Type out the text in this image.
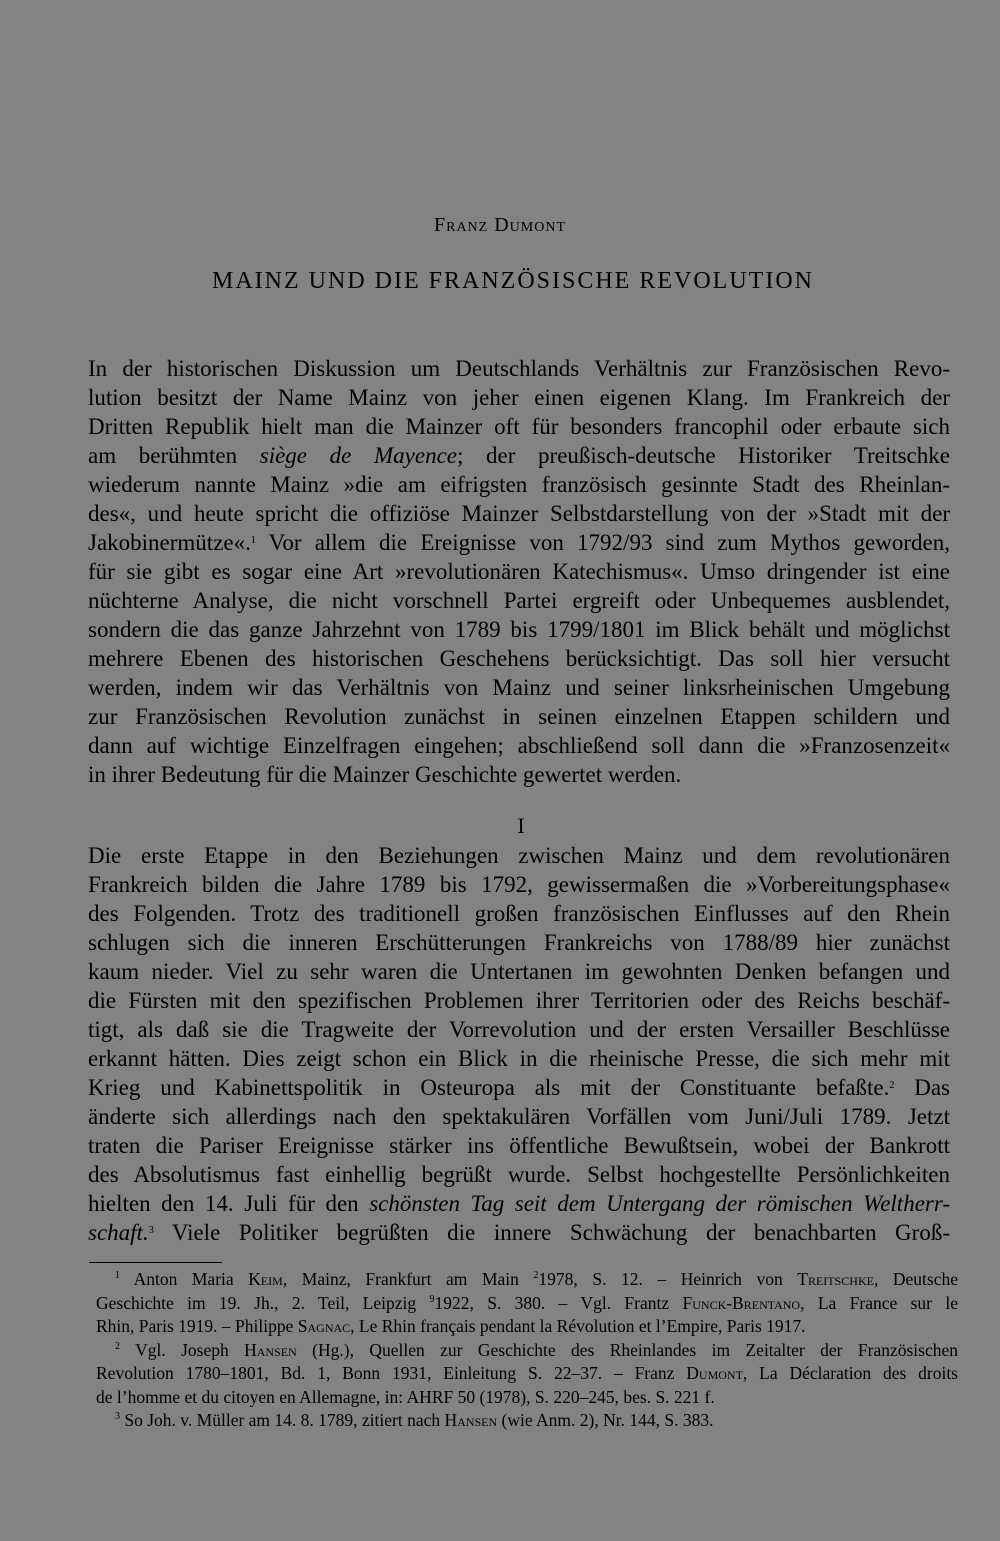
Franz Dumont
MAINZ UND DIE FRANZÖSISCHE REVOLUTION
In der historischen Diskussion um Deutschlands Verhältnis zur Französischen Revo-
lution besitzt der Name Mainz von jeher einen eigenen Klang. Im Frankreich der
Dritten Republik hielt man die Mainzer oft für besonders francophil oder erbaute sich
am berühmten siège de Mayence; der preußisch-deutsche Historiker Treitschke
wiederum nannte Mainz »die am eifrigsten französisch gesinnte Stadt des Rheinlan-
des«, und heute spricht die offiziöse Mainzer Selbstdarstellung von der »Stadt mit der
Jakobinermütze«.$^1$ Vor allem die Ereignisse von 1792/93 sind zum Mythos geworden,
für sie gibt es sogar eine Art »revolutionären Katechismus«. Umso dringender ist eine
nüchterne Analyse, die nicht vorschnell Partei ergreift oder Unbequemes ausblendet,
sondern die das ganze Jahrzehnt von 1789 bis 1799/1801 im Blick behält und möglichst
mehrere Ebenen des historischen Geschehens berücksichtigt. Das soll hier versucht
werden, indem wir das Verhältnis von Mainz und seiner linksrheinischen Umgebung
zur Französischen Revolution zunächst in seinen einzelnen Etappen schildern und
dann auf wichtige Einzelfragen eingehen; abschließend soll dann die »Franzosenzeit«
in ihrer Bedeutung für die Mainzer Geschichte gewertet werden.
I
Die erste Etappe in den Beziehungen zwischen Mainz und dem revolutionären
Frankreich bilden die Jahre 1789 bis 1792, gewissermaßen die »Vorbereitungsphase«
des Folgenden. Trotz des traditionell großen französischen Einflusses auf den Rhein
schlugen sich die inneren Erschütterungen Frankreichs von 1788/89 hier zunächst
kaum nieder. Viel zu sehr waren die Untertanen im gewohnten Denken befangen und
die Fürsten mit den spezifischen Problemen ihrer Territorien oder des Reichs beschäf-
tigt, als daß sie die Tragweite der Vorrevolution und der ersten Versailler Beschlüsse
erkannt hätten. Dies zeigt schon ein Blick in die rheinische Presse, die sich mehr mit
Krieg und Kabinettspolitik in Osteuropa als mit der Constituante befaßte.$^2$ Das
änderte sich allerdings nach den spektakulären Vorfällen vom Juni/Juli 1789. Jetzt
traten die Pariser Ereignisse stärker ins öffentliche Bewußtsein, wobei der Bankrott
des Absolutismus fast einhellig begrüßt wurde. Selbst hochgestellte Persönlichkeiten
hielten den 14. Juli für den schönsten Tag seit dem Untergang der römischen Weltherr-
schaft.$^3$ Viele Politiker begrüßten die innere Schwächung der benachbarten Groß-
$^1$ Anton Maria Keim, Mainz, Frankfurt am Main $^2$1978, S. 12. – Heinrich von Treitschke, Deutsche
Geschichte im 19. Jh., 2. Teil, Leipzig $^9$1922, S. 380. – Vgl. Frantz Funck-Brentano, La France sur le
Rhin, Paris 1919. – Philippe Sagnac, Le Rhin français pendant la Révolution et l’Empire, Paris 1917.
$^2$ Vgl. Joseph Hansen (Hg.), Quellen zur Geschichte des Rheinlandes im Zeitalter der Französischen
Revolution 1780–1801, Bd. 1, Bonn 1931, Einleitung S. 22–37. – Franz Dumont, La Déclaration des droits
de l’homme et du citoyen en Allemagne, in: AHRF 50 (1978), S. 220–245, bes. S. 221 f.
$^3$ So Joh. v. Müller am 14. 8. 1789, zitiert nach Hansen (wie Anm. 2), Nr. 144, S. 383.
